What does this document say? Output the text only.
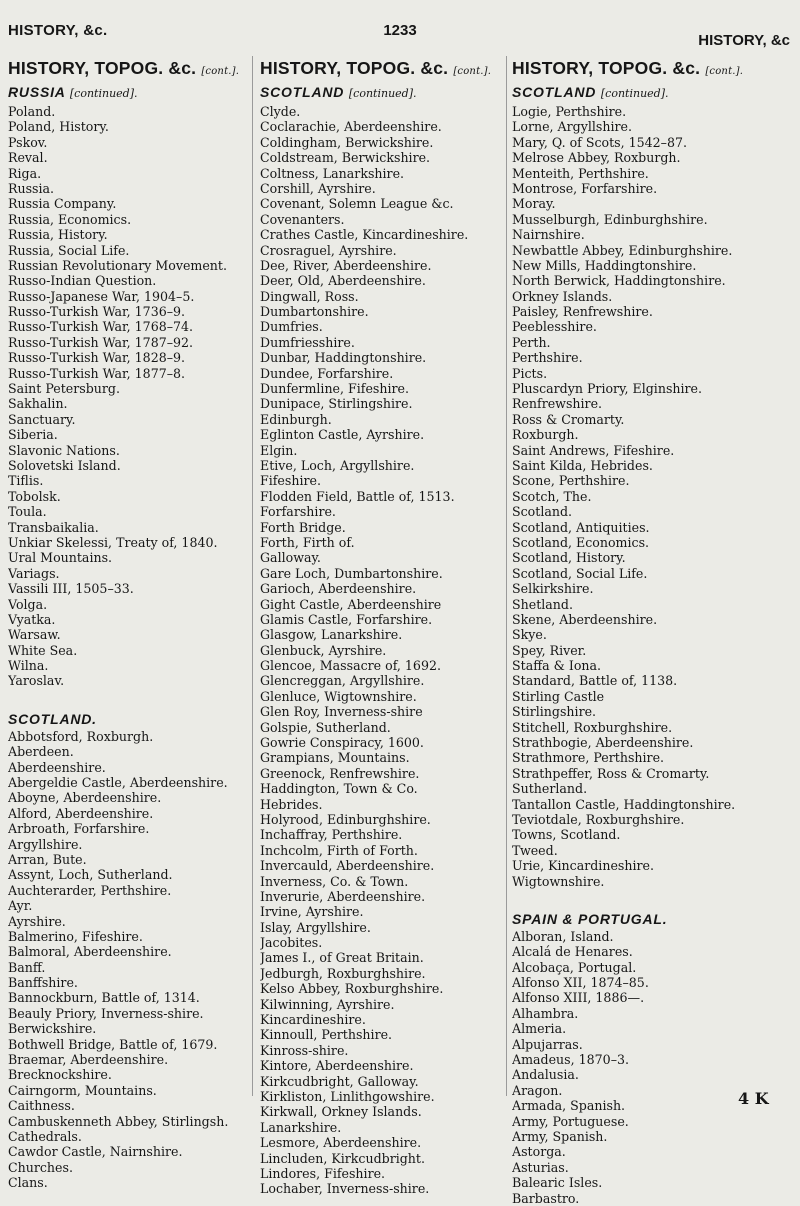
HISTORY, &c.	1233
HISTORY, &c
HISTORY, TOPOG. &c. [cont.].
RUSSIA [continued].
Poland.
Poland, History.
Pskov.
Reval.
Riga.
Russia.
Russia Company.
Russia, Economics.
Russia, History.
Russia, Social Life.
Russian Revolutionary Movement.
Russo-Indian Question.
Russo-Japanese War, 1904–5.
Russo-Turkish War, 1736–9.
Russo-Turkish War, 1768–74.
Russo-Turkish War, 1787–92.
Russo-Turkish War, 1828–9.
Russo-Turkish War, 1877–8.
Saint Petersburg.
Sakhalin.
Sanctuary.
Siberia.
Slavonic Nations.
Solovetski Island.
Tiflis.
Tobolsk.
Toula.
Transbaikalia.
Unkiar Skelessi, Treaty of, 1840.
Ural Mountains.
Variags.
Vassili III, 1505–33.
Volga.
Vyatka.
Warsaw.
White Sea.
Wilna.
Yaroslav.
SCOTLAND.
Abbotsford, Roxburgh.
Aberdeen.
Aberdeenshire.
Abergeldie Castle, Aberdeenshire.
Aboyne, Aberdeenshire.
Alford, Aberdeenshire.
Arbroath, Forfarshire.
Argyllshire.
Arran, Bute.
Assynt, Loch, Sutherland.
Auchterarder, Perthshire.
Ayr.
Ayrshire.
Balmerino, Fifeshire.
Balmoral, Aberdeenshire.
Banff.
Banffshire.
Bannockburn, Battle of, 1314.
Beauly Priory, Inverness-shire.
Berwickshire.
Bothwell Bridge, Battle of, 1679.
Braemar, Aberdeenshire.
Brecknockshire.
Cairngorm, Mountains.
Caithness.
Cambuskenneth Abbey, Stirlingsh.
Cathedrals.
Cawdor Castle, Nairnshire.
Churches.
Clans.
HISTORY, TOPOG. &c. [cont.].
SCOTLAND [continued].
Clyde.
Coclarachie, Aberdeenshire.
Coldingham, Berwickshire.
Coldstream, Berwickshire.
Coltness, Lanarkshire.
Corshill, Ayrshire.
Covenant, Solemn League &c.
Covenanters.
Crathes Castle, Kincardineshire.
Crosraguel, Ayrshire.
Dee, River, Aberdeenshire.
Deer, Old, Aberdeenshire.
Dingwall, Ross.
Dumbartonshire.
Dumfries.
Dumfriesshire.
Dunbar, Haddingtonshire.
Dundee, Forfarshire.
Dunfermline, Fifeshire.
Dunipace, Stirlingshire.
Edinburgh.
Eglinton Castle, Ayrshire.
Elgin.
Etive, Loch, Argyllshire.
Fifeshire.
Flodden Field, Battle of, 1513.
Forfarshire.
Forth Bridge.
Forth, Firth of.
Galloway.
Gare Loch, Dumbartonshire.
Garioch, Aberdeenshire.
Gight Castle, Aberdeenshire
Glamis Castle, Forfarshire.
Glasgow, Lanarkshire.
Glenbuck, Ayrshire.
Glencoe, Massacre of, 1692.
Glencreggan, Argyllshire.
Glenluce, Wigtownshire.
Glen Roy, Inverness-shire
Golspie, Sutherland.
Gowrie Conspiracy, 1600.
Grampians, Mountains.
Greenock, Renfrewshire.
Haddington, Town & Co.
Hebrides.
Holyrood, Edinburghshire.
Inchaffray, Perthshire.
Inchcolm, Firth of Forth.
Invercauld, Aberdeenshire.
Inverness, Co. & Town.
Inverurie, Aberdeenshire.
Irvine, Ayrshire.
Islay, Argyllshire.
Jacobites.
James I., of Great Britain.
Jedburgh, Roxburghshire.
Kelso Abbey, Roxburghshire.
Kilwinning, Ayrshire.
Kincardineshire.
Kinnoull, Perthshire.
Kinross-shire.
Kintore, Aberdeenshire.
Kirkcudbright, Galloway.
Kirkliston, Linlithgowshire.
Kirkwall, Orkney Islands.
Lanarkshire.
Lesmore, Aberdeenshire.
Lincluden, Kirkcudbright.
Lindores, Fifeshire.
Lochaber, Inverness-shire.
HISTORY, TOPOG. &c. [cont.].
SCOTLAND [continued].
Logie, Perthshire.
Lorne, Argyllshire.
Mary, Q. of Scots, 1542–87.
Melrose Abbey, Roxburgh.
Menteith, Perthshire.
Montrose, Forfarshire.
Moray.
Musselburgh, Edinburghshire.
Nairnshire.
Newbattle Abbey, Edinburghshire.
New Mills, Haddingtonshire.
North Berwick, Haddingtonshire.
Orkney Islands.
Paisley, Renfrewshire.
Peeblesshire.
Perth.
Perthshire.
Picts.
Pluscardyn Priory, Elginshire.
Renfrewshire.
Ross & Cromarty.
Roxburgh.
Saint Andrews, Fifeshire.
Saint Kilda, Hebrides.
Scone, Perthshire.
Scotch, The.
Scotland.
Scotland, Antiquities.
Scotland, Economics.
Scotland, History.
Scotland, Social Life.
Selkirkshire.
Shetland.
Skene, Aberdeenshire.
Skye.
Spey, River.
Staffa & Iona.
Standard, Battle of, 1138.
Stirling Castle
Stirlingshire.
Stitchell, Roxburghshire.
Strathbogie, Aberdeenshire.
Strathmore, Perthshire.
Strathpeffer, Ross & Cromarty.
Sutherland.
Tantallon Castle, Haddingtonshire.
Teviotdale, Roxburghshire.
Towns, Scotland.
Tweed.
Urie, Kincardineshire.
Wigtownshire.
SPAIN & PORTUGAL.
Alboran, Island.
Alcalá de Henares.
Alcobaça, Portugal.
Alfonso XII, 1874–85.
Alfonso XIII, 1886—.
Alhambra.
Almeria.
Alpujarras.
Amadeus, 1870–3.
Andalusia.
Aragon.
Armada, Spanish.
Army, Portuguese.
Army, Spanish.
Astorga.
Asturias.
Balearic Isles.
Barbastro.
4 K
